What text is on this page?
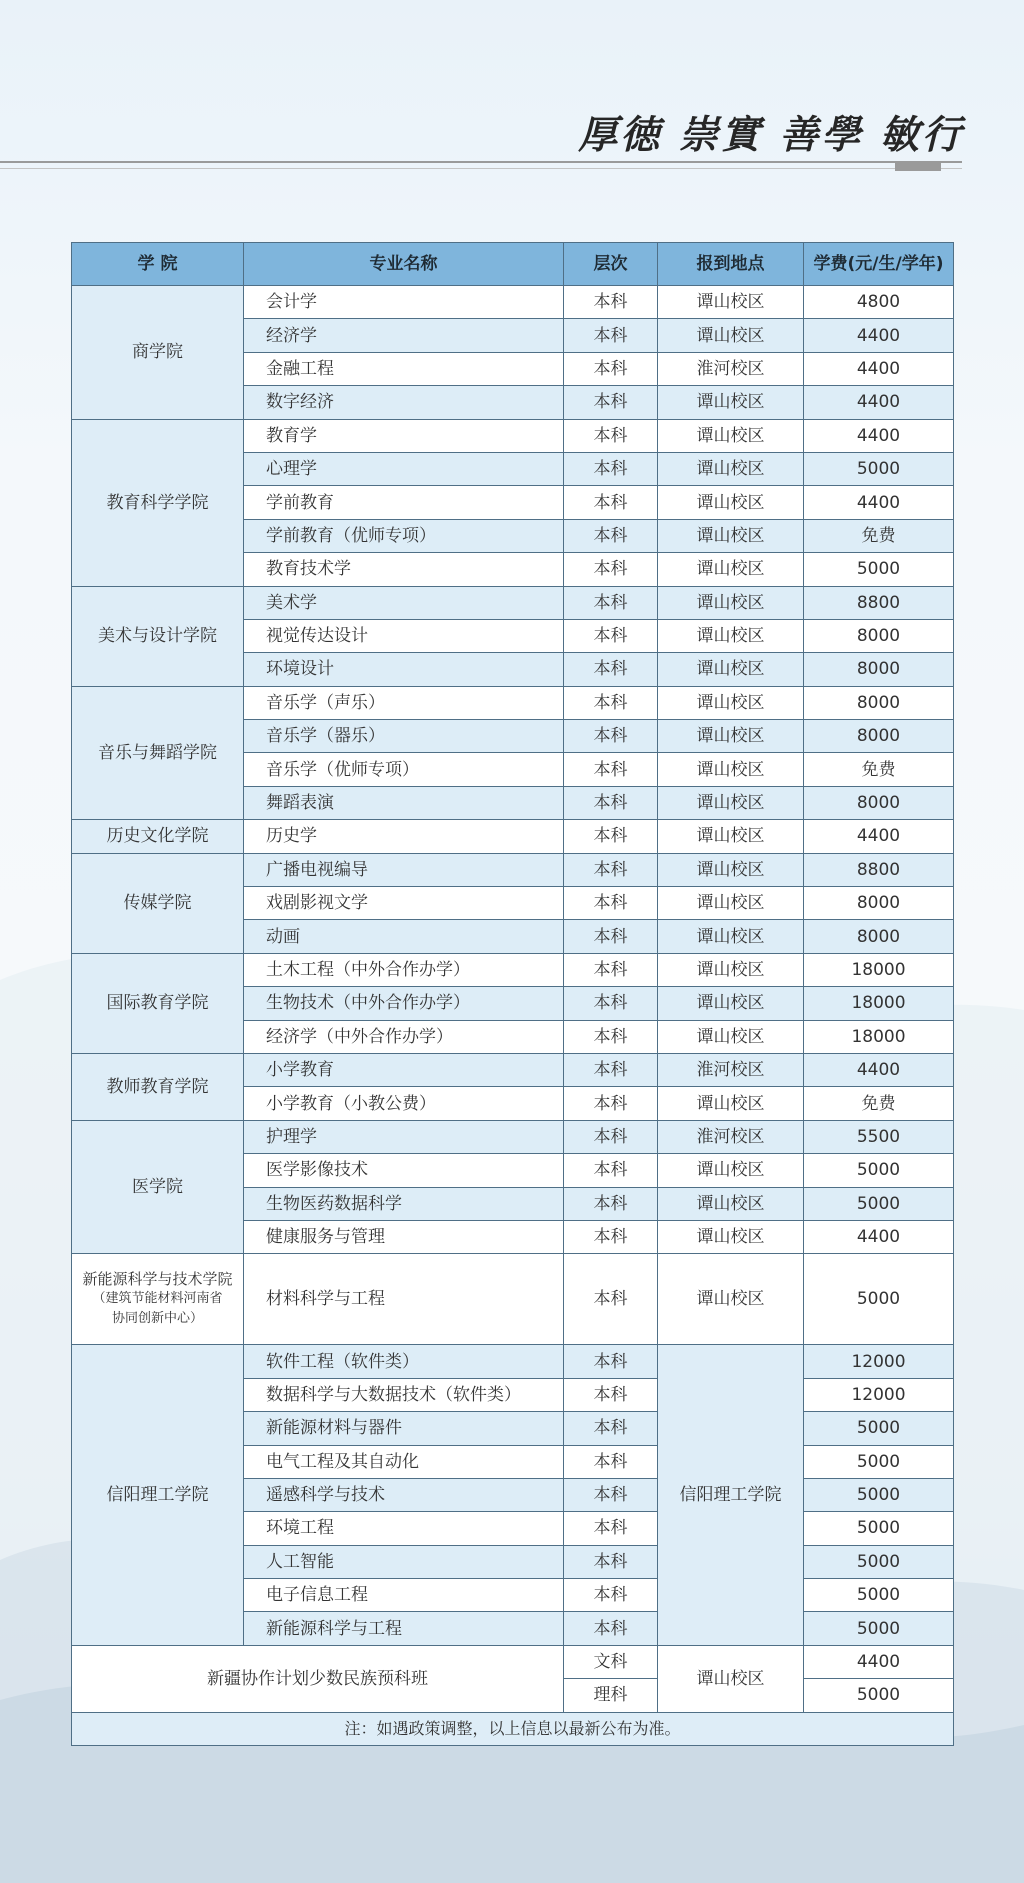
厚徳 崇實 善學 敏行
学 院	专业名称	层次	报到地点	学费(元/生/学年)
商学院	会计学	本科	谭山校区	4800
	经济学	本科	谭山校区	4400
	金融工程	本科	淮河校区	4400
	数字经济	本科	谭山校区	4400
教育科学学院	教育学	本科	谭山校区	4400
	心理学	本科	谭山校区	5000
	学前教育	本科	谭山校区	4400
	学前教育（优师专项）	本科	谭山校区	免费
	教育技术学	本科	谭山校区	5000
美术与设计学院	美术学	本科	谭山校区	8800
	视觉传达设计	本科	谭山校区	8000
	环境设计	本科	谭山校区	8000
音乐与舞蹈学院	音乐学（声乐）	本科	谭山校区	8000
	音乐学（器乐）	本科	谭山校区	8000
	音乐学（优师专项）	本科	谭山校区	免费
	舞蹈表演	本科	谭山校区	8000
历史文化学院	历史学	本科	谭山校区	4400
传媒学院	广播电视编导	本科	谭山校区	8800
	戏剧影视文学	本科	谭山校区	8000
	动画	本科	谭山校区	8000
国际教育学院	土木工程（中外合作办学）	本科	谭山校区	18000
	生物技术（中外合作办学）	本科	谭山校区	18000
	经济学（中外合作办学）	本科	谭山校区	18000
教师教育学院	小学教育	本科	淮河校区	4400
	小学教育（小教公费）	本科	谭山校区	免费
医学院	护理学	本科	淮河校区	5500
	医学影像技术	本科	谭山校区	5000
	生物医药数据科学	本科	谭山校区	5000
	健康服务与管理	本科	谭山校区	4400

新能源科学与技术学院
（建筑节能材料河南省
协同创新中心）	材料科学与工程	本科	谭山校区	5000
信阳理工学院	软件工程（软件类）	本科	信阳理工学院	12000
	数据科学与大数据技术（软件类）	本科		12000
	新能源材料与器件	本科		5000
	电气工程及其自动化	本科		5000
	遥感科学与技术	本科		5000
	环境工程	本科		5000
	人工智能	本科		5000
	电子信息工程	本科		5000
	新能源科学与工程	本科		5000
新疆协作计划少数民族预科班		文科	谭山校区	4400
		理科		5000
注：如遇政策调整，以上信息以最新公布为准。				
